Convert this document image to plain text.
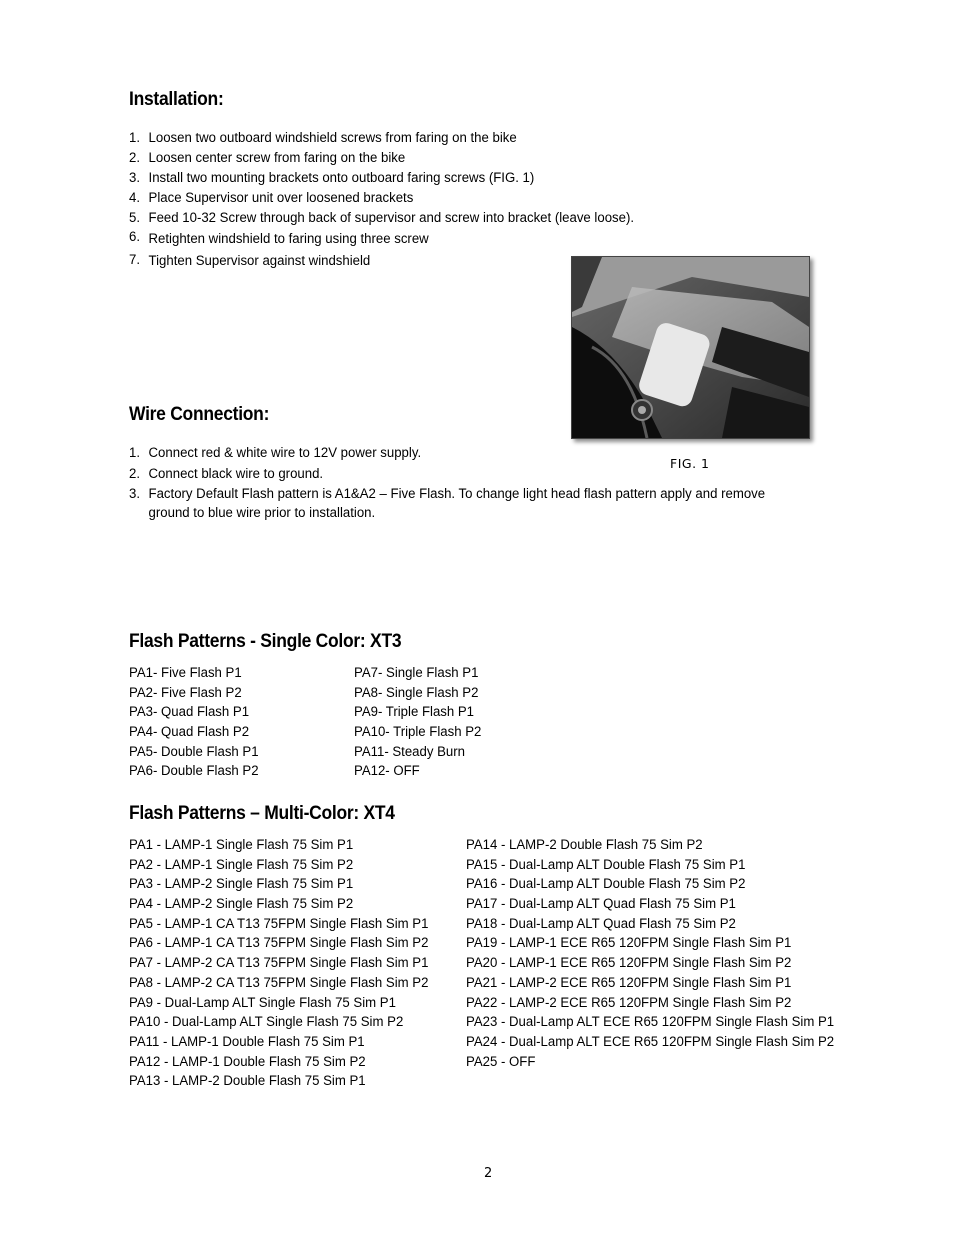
Installation:
1. Loosen two outboard windshield screws from faring on the bike
2. Loosen center screw from faring on the bike
3. Install two mounting brackets onto outboard faring screws (FIG. 1)
4. Place Supervisor unit over loosened brackets
5. Feed 10-32 Screw through back of supervisor and screw into bracket (leave loose).
6. Retighten windshield to faring using three screw
7. Tighten Supervisor against windshield
FIG. 1
Wire Connection:
1. Connect red & white wire to 12V power supply.
2. Connect black wire to ground.
3. Factory Default Flash pattern is A1&A2 – Five Flash. To change light head flash pattern apply and remove
ground to blue wire prior to installation.
Flash Patterns - Single Color: XT3
PA1- Five Flash P1
PA2- Five Flash P2
PA3- Quad Flash P1
PA4- Quad Flash P2
PA5- Double Flash P1
PA6- Double Flash P2
PA7- Single Flash P1
PA8- Single Flash P2
PA9- Triple Flash P1
PA10- Triple Flash P2
PA11- Steady Burn
PA12- OFF
Flash Patterns – Multi-Color: XT4
PA1 - LAMP-1 Single Flash 75 Sim P1
PA2 - LAMP-1 Single Flash 75 Sim P2
PA3 - LAMP-2 Single Flash 75 Sim P1
PA4 - LAMP-2 Single Flash 75 Sim P2
PA5 - LAMP-1 CA T13 75FPM Single Flash Sim P1
PA6 - LAMP-1 CA T13 75FPM Single Flash Sim P2
PA7 - LAMP-2 CA T13 75FPM Single Flash Sim P1
PA8 - LAMP-2 CA T13 75FPM Single Flash Sim P2
PA9 - Dual-Lamp ALT Single Flash 75 Sim P1
PA10 - Dual-Lamp ALT Single Flash 75 Sim P2
PA11 - LAMP-1 Double Flash 75 Sim P1
PA12 - LAMP-1 Double Flash 75 Sim P2
PA13 - LAMP-2 Double Flash 75 Sim P1
PA14 - LAMP-2 Double Flash 75 Sim P2
PA15 - Dual-Lamp ALT Double Flash 75 Sim P1
PA16 - Dual-Lamp ALT Double Flash 75 Sim P2
PA17 - Dual-Lamp ALT Quad Flash 75 Sim P1
PA18 - Dual-Lamp ALT Quad Flash 75 Sim P2
PA19 - LAMP-1 ECE R65 120FPM Single Flash Sim P1
PA20 - LAMP-1 ECE R65 120FPM Single Flash Sim P2
PA21 - LAMP-2 ECE R65 120FPM Single Flash Sim P1
PA22 - LAMP-2 ECE R65 120FPM Single Flash Sim P2
PA23 - Dual-Lamp ALT ECE R65 120FPM Single Flash Sim P1
PA24 - Dual-Lamp ALT ECE R65 120FPM Single Flash Sim P2
PA25 - OFF
2
